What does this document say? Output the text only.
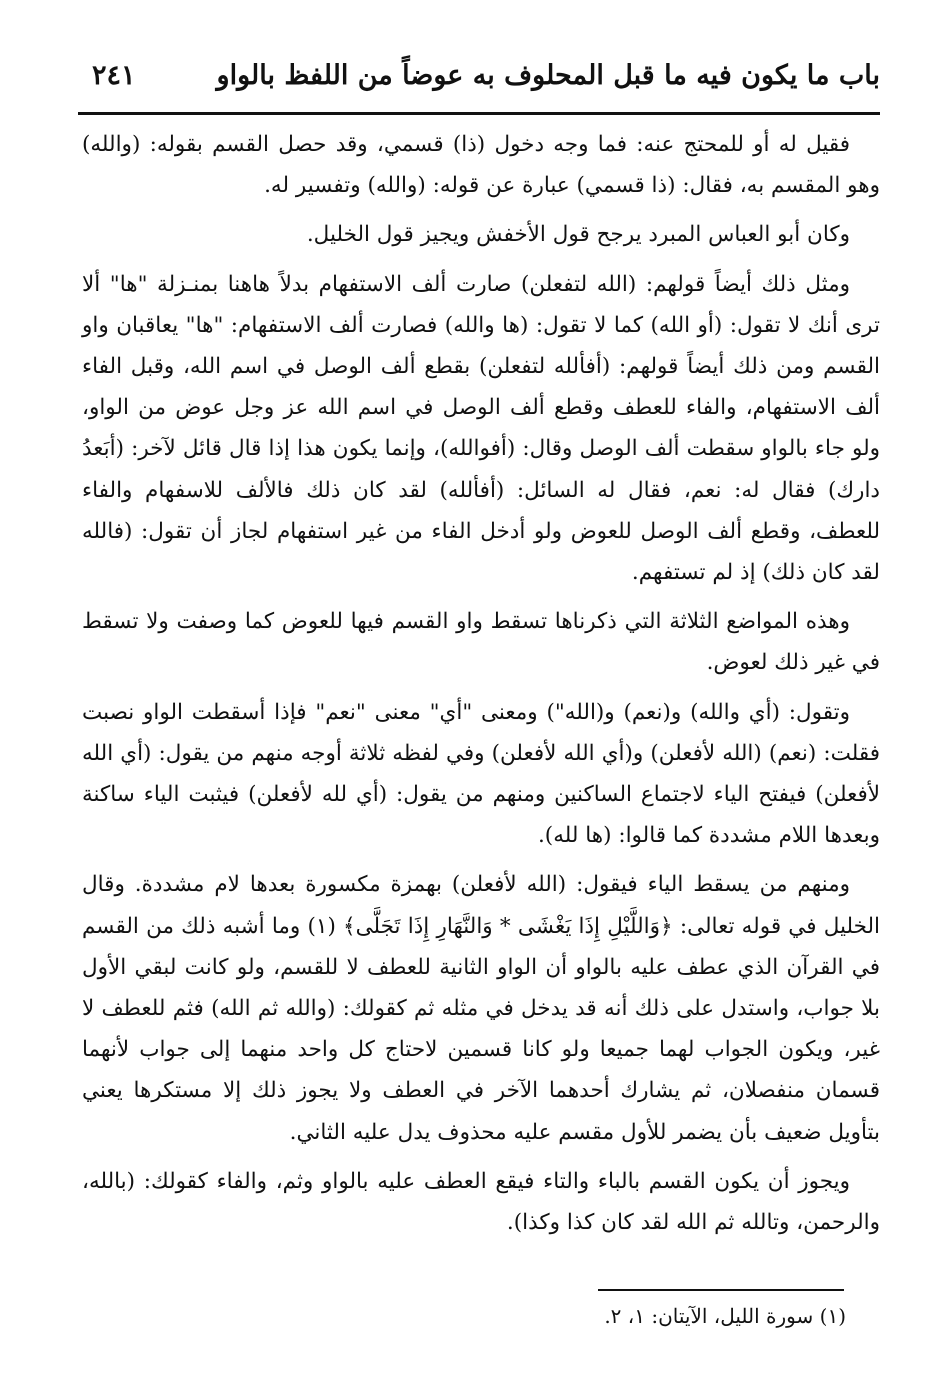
باب ما يكون فيه ما قبل المحلوف به عوضاً من اللفظ بالواو
٢٤١

فقيل له أو للمحتج عنه: فما وجه دخول (ذا) قسمي، وقد حصل القسم بقوله: (والله) وهو المقسم به، فقال: (ذا قسمي) عبارة عن قوله: (والله) وتفسير له.

وكان أبو العباس المبرد يرجح قول الأخفش ويجيز قول الخليل.

ومثل ذلك أيضاً قولهم: (الله لتفعلن) صارت ألف الاستفهام بدلاً هاهنا بمنـزلة "ها" ألا ترى أنك لا تقول: (أو الله) كما لا تقول: (ها والله) فصارت ألف الاستفهام: "ها" يعاقبان واو القسم ومن ذلك أيضاً قولهم: (أفألله لتفعلن) بقطع ألف الوصل في اسم الله، وقبل الفاء ألف الاستفهام، والفاء للعطف وقطع ألف الوصل في اسم الله عز وجل عوض من الواو، ولو جاء بالواو سقطت ألف الوصل وقال: (أفوالله)، وإنما يكون هذا إذا قال قائل لآخر: (أبَعدُ دارك) فقال له: نعم، فقال له السائل: (أفألله) لقد كان ذلك فالألف للاسفهام والفاء للعطف، وقطع ألف الوصل للعوض ولو أدخل الفاء من غير استفهام لجاز أن تقول: (فالله لقد كان ذلك) إذ لم تستفهم.

وهذه المواضع الثلاثة التي ذكرناها تسقط واو القسم فيها للعوض كما وصفت ولا تسقط في غير ذلك لعوض.

وتقول: (أي والله) و(نعم) و(الله") ومعنى "أي" معنى "نعم" فإذا أسقطت الواو نصبت فقلت: (نعم) (الله لأفعلن) و(أي الله لأفعلن) وفي لفظه ثلاثة أوجه منهم من يقول: (أي الله لأفعلن) فيفتح الياء لاجتماع الساكنين ومنهم من يقول: (أي لله لأفعلن) فيثبت الياء ساكنة وبعدها اللام مشددة كما قالوا: (ها لله).

ومنهم من يسقط الياء فيقول: (الله لأفعلن) بهمزة مكسورة بعدها لام مشددة. وقال الخليل في قوله تعالى: ﴿وَاللَّيْلِ إِذَا يَغْشَى * وَالنَّهَارِ إِذَا تَجَلَّى﴾ (١) وما أشبه ذلك من القسم في القرآن الذي عطف عليه بالواو أن الواو الثانية للعطف لا للقسم، ولو كانت لبقي الأول بلا جواب، واستدل على ذلك أنه قد يدخل في مثله ثم كقولك: (والله ثم الله) فثم للعطف لا غير، ويكون الجواب لهما جميعا ولو كانا قسمين لاحتاج كل واحد منهما إلى جواب لأنهما قسمان منفصلان، ثم يشارك أحدهما الآخر في العطف ولا يجوز ذلك إلا مستكرها يعني بتأويل ضعيف بأن يضمر للأول مقسم عليه محذوف يدل عليه الثاني.

ويجوز أن يكون القسم بالباء والتاء فيقع العطف عليه بالواو وثم، والفاء كقولك: (بالله، والرحمن، وتالله ثم الله لقد كان كذا وكذا).

(١) سورة الليل، الآيتان: ١، ٢.
